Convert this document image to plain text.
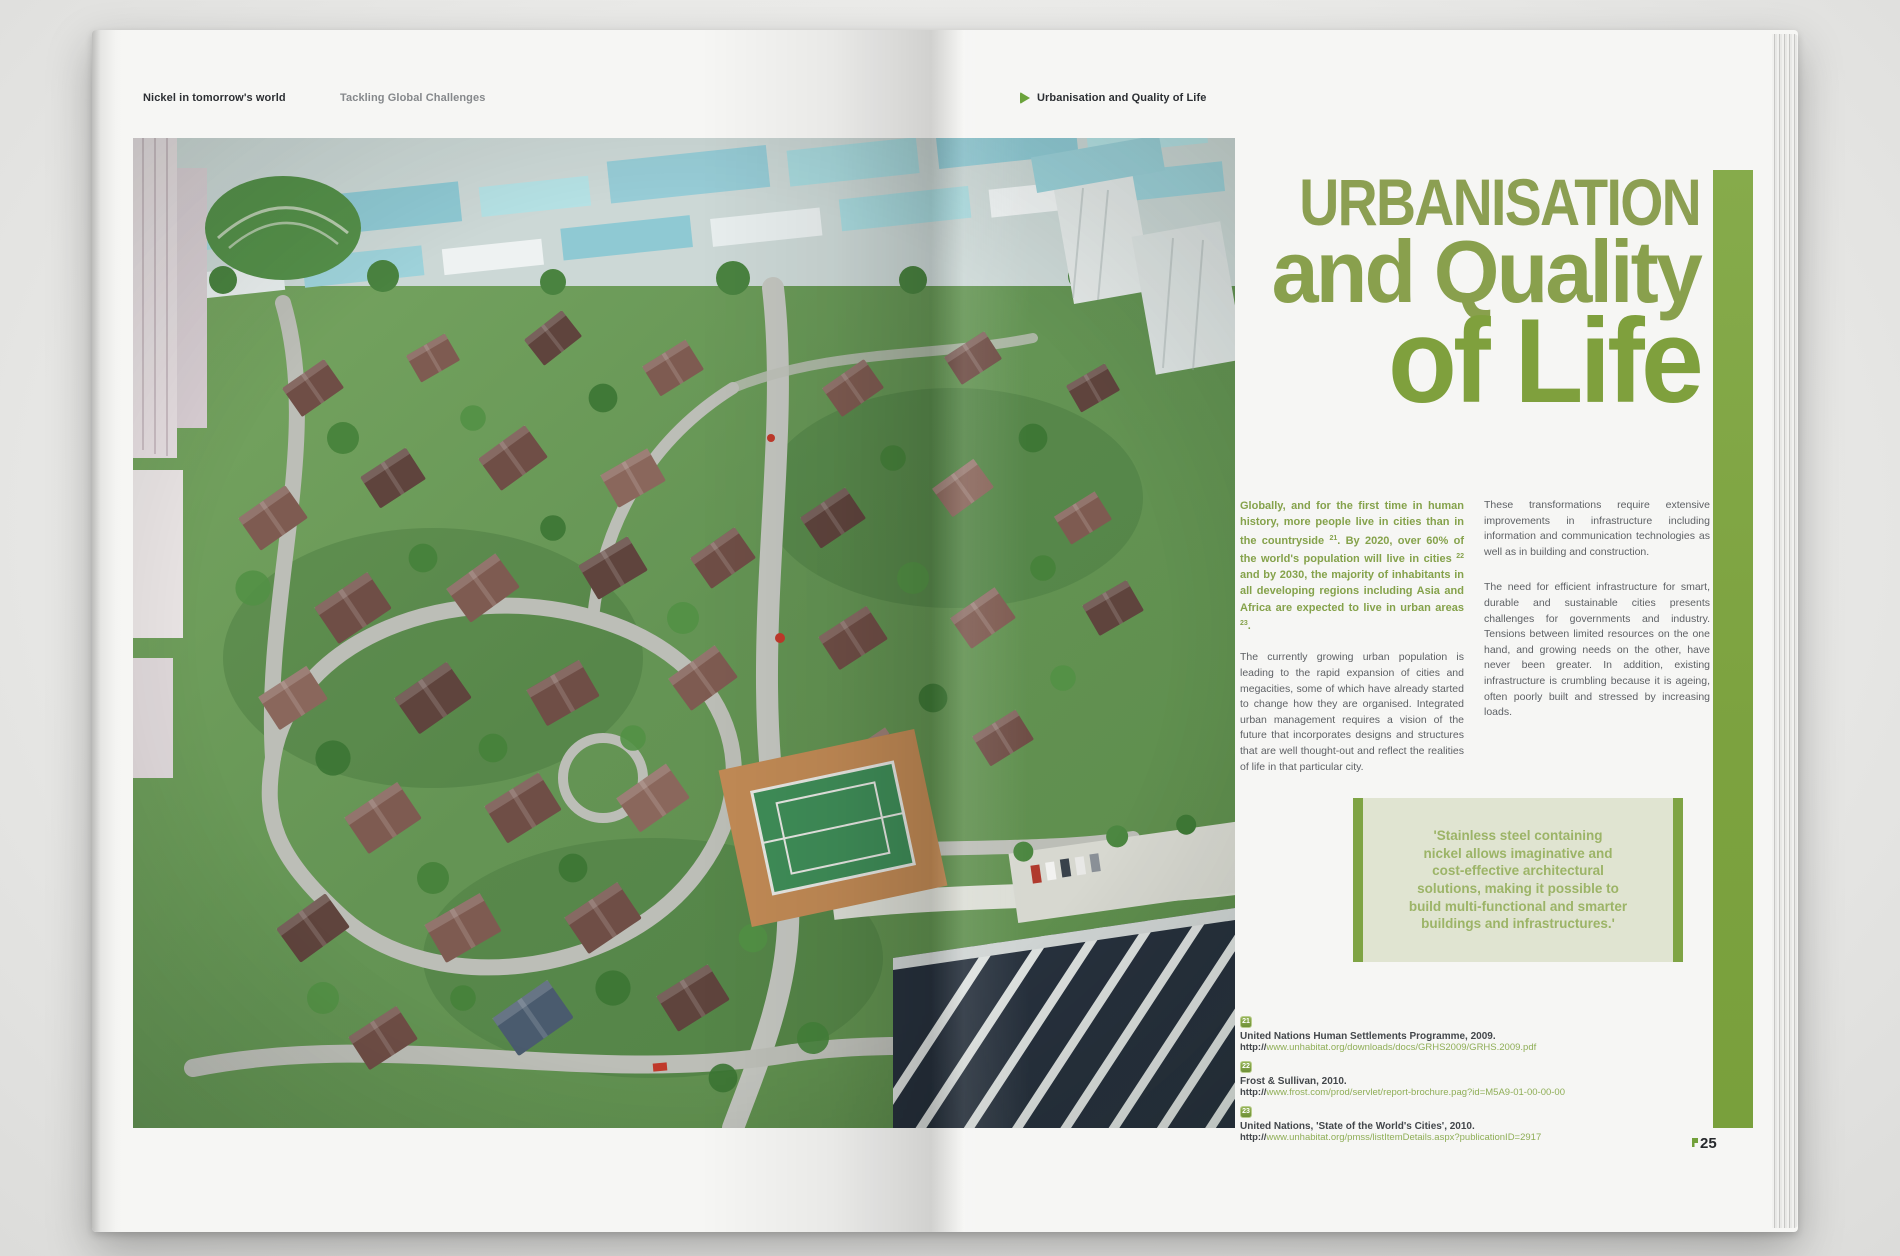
Nickel in tomorrow's world	Tackling Global Challenges	Urbanisation and Quality of Life
URBANISATION
and Quality
of Life

Globally, and for the first time in human history, more people live in cities than in the countryside $^{21}$. By 2020, over 60% of the world's population will live in cities $^{22}$ and by 2030, the majority of inhabitants in all developing regions including Asia and Africa are expected to live in urban areas $^{23}$.

The currently growing urban population is leading to the rapid expansion of cities and megacities, some of which have already started to change how they are organised. Integrated urban management requires a vision of the future that incorporates designs and structures that are well thought-out and reflect the realities of life in that particular city.

These transformations require extensive improvements in infrastructure including information and communication technologies as well as in building and construction.

The need for efficient infrastructure for smart, durable and sustainable cities presents challenges for governments and industry. Tensions between limited resources on the one hand, and growing needs on the other, have never been greater. In addition, existing infrastructure is crumbling because it is ageing, often poorly built and stressed by increasing loads.

'Stainless steel containing
nickel allows imaginative and
cost-effective architectural
solutions, making it possible to
build multi-functional and smarter
buildings and infrastructures.'
21
United Nations Human Settlements Programme, 2009.
http://www.unhabitat.org/downloads/docs/GRHS2009/GRHS.2009.pdf
22
Frost & Sullivan, 2010.
http://www.frost.com/prod/servlet/report-brochure.pag?id=M5A9-01-00-00-00
23
United Nations, 'State of the World's Cities', 2010.
http://www.unhabitat.org/pmss/listItemDetails.aspx?publicationID=2917	25
